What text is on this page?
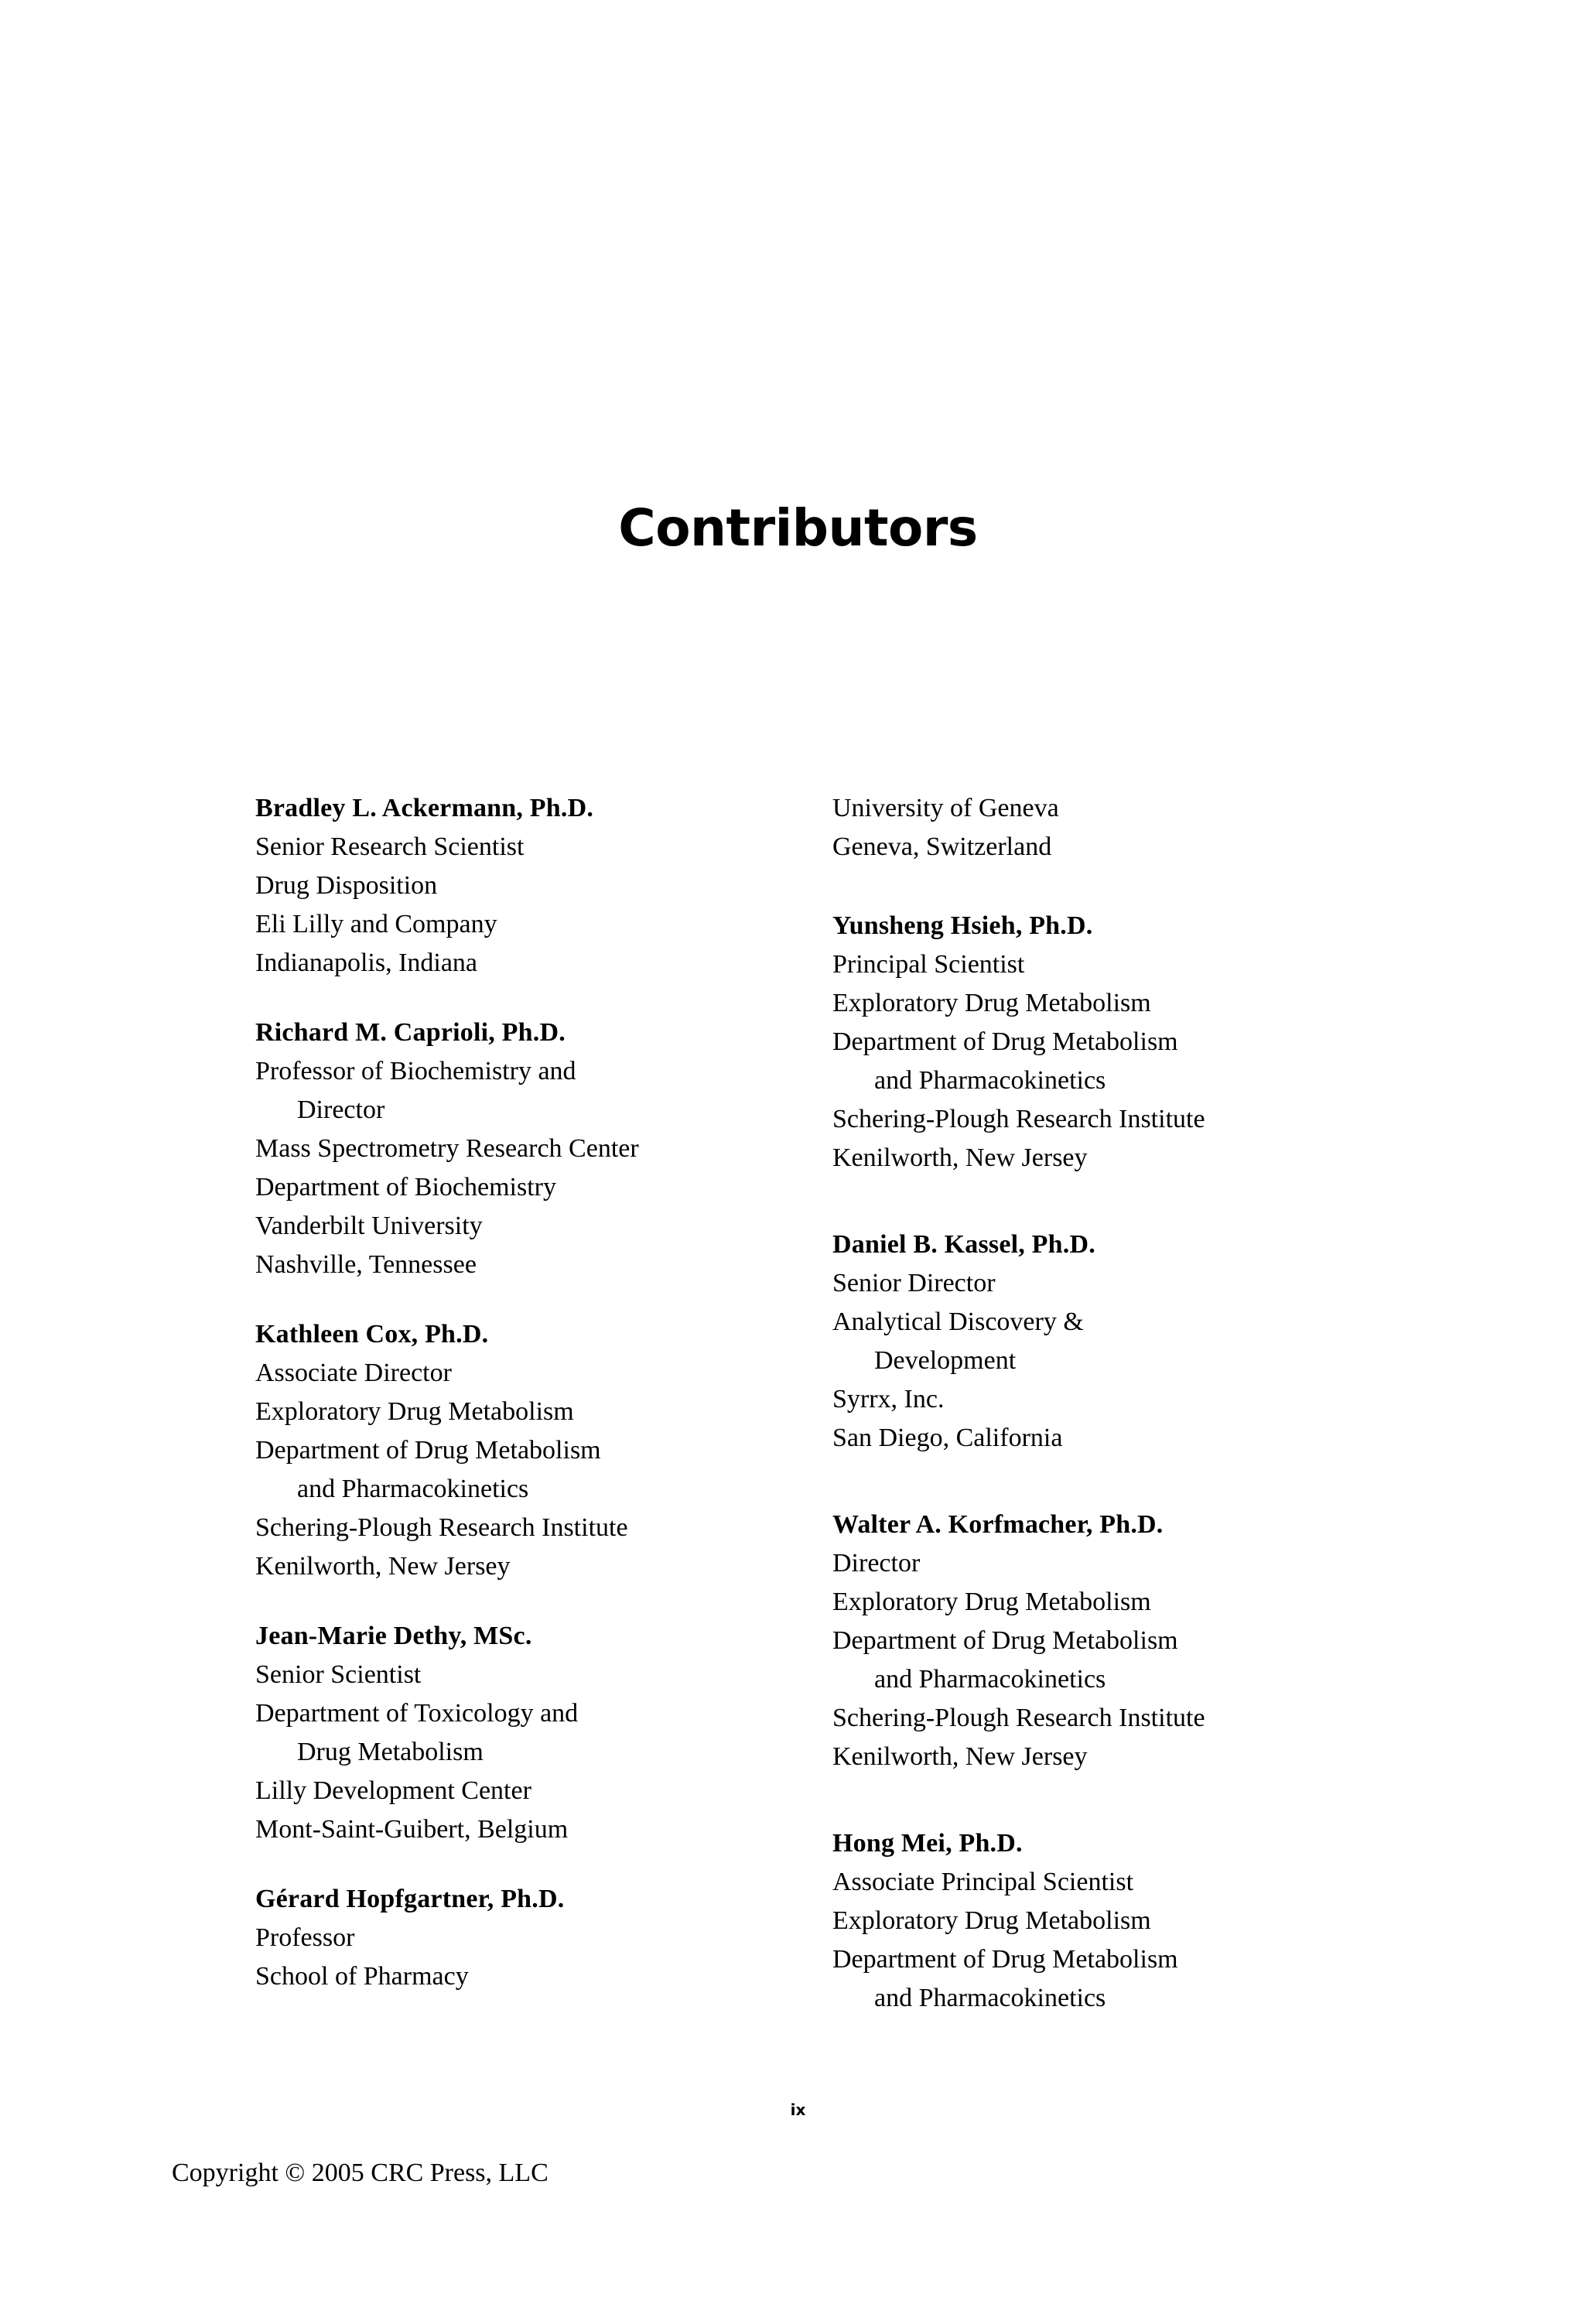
Contributors
Bradley L. Ackermann, Ph.D.
Senior Research Scientist
Drug Disposition
Eli Lilly and Company
Indianapolis, Indiana
Richard M. Caprioli, Ph.D.
Professor of Biochemistry and
Director
Mass Spectrometry Research Center
Department of Biochemistry
Vanderbilt University
Nashville, Tennessee
Kathleen Cox, Ph.D.
Associate Director
Exploratory Drug Metabolism
Department of Drug Metabolism
and Pharmacokinetics
Schering-Plough Research Institute
Kenilworth, New Jersey
Jean-Marie Dethy, MSc.
Senior Scientist
Department of Toxicology and
Drug Metabolism
Lilly Development Center
Mont-Saint-Guibert, Belgium
Gérard Hopfgartner, Ph.D.
Professor
School of Pharmacy
University of Geneva
Geneva, Switzerland
Yunsheng Hsieh, Ph.D.
Principal Scientist
Exploratory Drug Metabolism
Department of Drug Metabolism
and Pharmacokinetics
Schering-Plough Research Institute
Kenilworth, New Jersey
Daniel B. Kassel, Ph.D.
Senior Director
Analytical Discovery &
Development
Syrrx, Inc.
San Diego, California
Walter A. Korfmacher, Ph.D.
Director
Exploratory Drug Metabolism
Department of Drug Metabolism
and Pharmacokinetics
Schering-Plough Research Institute
Kenilworth, New Jersey
Hong Mei, Ph.D.
Associate Principal Scientist
Exploratory Drug Metabolism
Department of Drug Metabolism
and Pharmacokinetics
ix
Copyright © 2005 CRC Press, LLC
